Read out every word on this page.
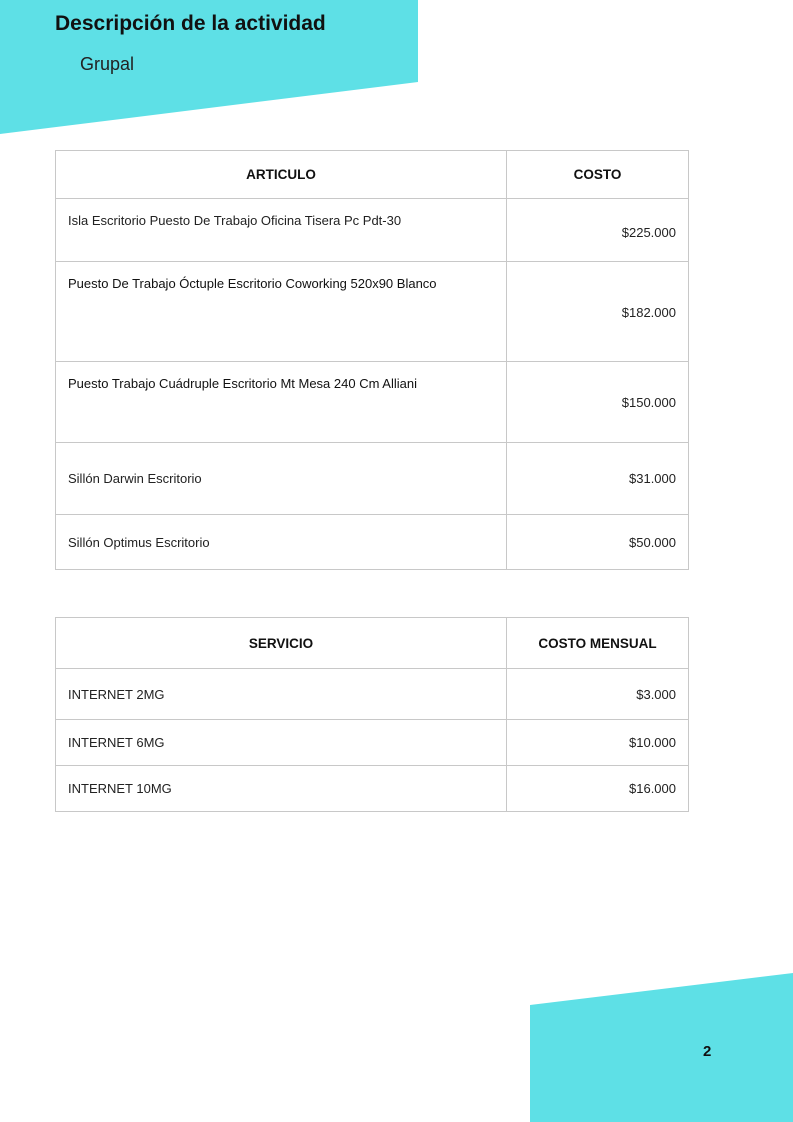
Descripción de la actividad
Grupal
ARTICULO	COSTO
Isla Escritorio Puesto De Trabajo Oficina Tisera Pc Pdt-30	$225.000
Puesto De Trabajo Óctuple Escritorio Coworking 520x90 Blanco	$182.000
Puesto Trabajo Cuádruple Escritorio Mt Mesa 240 Cm Alliani	$150.000
Sillón Darwin Escritorio	$31.000
Sillón Optimus Escritorio	$50.000
SERVICIO	COSTO MENSUAL
INTERNET 2MG	$3.000
INTERNET 6MG	$10.000
INTERNET 10MG	$16.000
2
